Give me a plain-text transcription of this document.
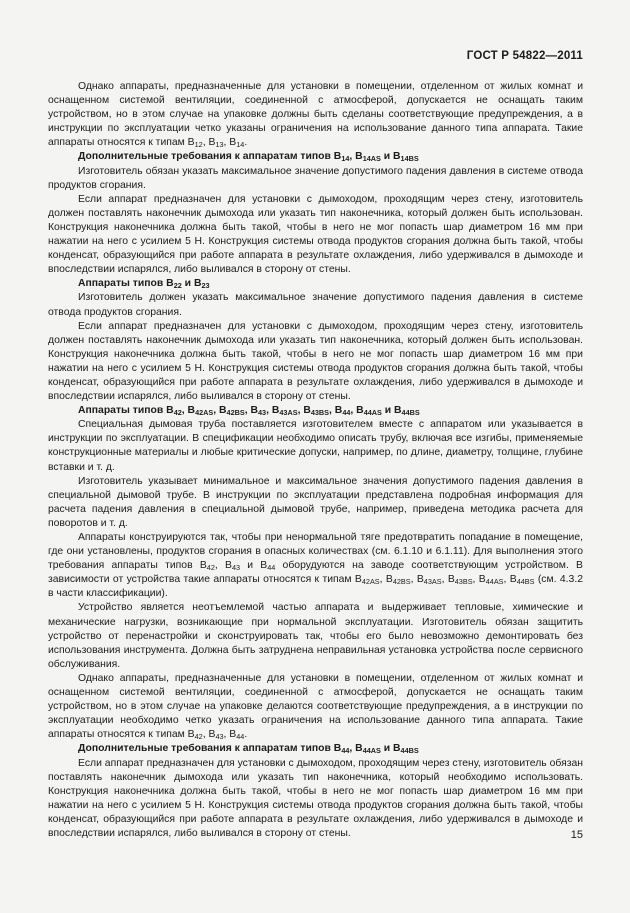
ГОСТ Р 54822—2011

Однако аппараты, предназначенные для установки в помещении, отделенном от жилых комнат и оснащенном системой вентиляции, соединенной с атмосферой, допускается не оснащать таким устройством, но в этом случае на упаковке должны быть сделаны соответствующие предупреждения, а в инструкции по эксплуатации четко указаны ограничения на использование данного типа аппарата. Такие аппараты относятся к типам $B_{12}$, $B_{13}$, $B_{14}$.

Дополнительные требования к аппаратам типов $B_{14}$, $B_{14AS}$ и $B_{14BS}$

Изготовитель обязан указать максимальное значение допустимого падения давления в системе отвода продуктов сгорания.

Если аппарат предназначен для установки с дымоходом, проходящим через стену, изготовитель должен поставлять наконечник дымохода или указать тип наконечника, который должен быть использован. Конструкция наконечника должна быть такой, чтобы в него не мог попасть шар диаметром 16 мм при нажатии на него с усилием 5 Н. Конструкция системы отвода продуктов сгорания должна быть такой, чтобы конденсат, образующийся при работе аппарата в результате охлаждения, либо удерживался в дымоходе и впоследствии испарялся, либо выливался в сторону от стены.

Аппараты типов $B_{22}$ и $B_{23}$

Изготовитель должен указать максимальное значение допустимого падения давления в системе отвода продуктов сгорания.

Если аппарат предназначен для установки с дымоходом, проходящим через стену, изготовитель должен поставлять наконечник дымохода или указать тип наконечника, который должен быть использован. Конструкция наконечника должна быть такой, чтобы в него не мог попасть шар диаметром 16 мм при нажатии на него с усилием 5 Н. Конструкция системы отвода продуктов сгорания должна быть такой, чтобы конденсат, образующийся при работе аппарата в результате охлаждения, либо удерживался в дымоходе и впоследствии испарялся, либо выливался в сторону от стены.

Аппараты типов $B_{42}$, $B_{42AS}$, $B_{42BS}$, $B_{43}$, $B_{43AS}$, $B_{43BS}$, $B_{44}$, $B_{44AS}$ и $B_{44BS}$

Специальная дымовая труба поставляется изготовителем вместе с аппаратом или указывается в инструкции по эксплуатации. В спецификации необходимо описать трубу, включая все изгибы, применяемые конструкционные материалы и любые критические допуски, например, по длине, диаметру, толщине, глубине вставки и т. д.

Изготовитель указывает минимальное и максимальное значения допустимого падения давления в специальной дымовой трубе. В инструкции по эксплуатации представлена подробная информация для расчета падения давления в специальной дымовой трубе, например, приведена методика расчета для поворотов и т. д.

Аппараты конструируются так, чтобы при ненормальной тяге предотвратить попадание в помещение, где они установлены, продуктов сгорания в опасных количествах (см. 6.1.10 и 6.1.11). Для выполнения этого требования аппараты типов $B_{42}$, $B_{43}$ и $B_{44}$ оборудуются на заводе соответствующим устройством. В зависимости от устройства такие аппараты относятся к типам $B_{42AS}$, $B_{42BS}$, $B_{43AS}$, $B_{43BS}$, $B_{44AS}$, $B_{44BS}$ (см. 4.3.2 в части классификации).

Устройство является неотъемлемой частью аппарата и выдерживает тепловые, химические и механические нагрузки, возникающие при нормальной эксплуатации. Изготовитель обязан защитить устройство от перенастройки и сконструировать так, чтобы его было невозможно демонтировать без использования инструмента. Должна быть затруднена неправильная установка устройства после сервисного обслуживания.

Однако аппараты, предназначенные для установки в помещении, отделенном от жилых комнат и оснащенном системой вентиляции, соединенной с атмосферой, допускается не оснащать таким устройством, но в этом случае на упаковке делаются соответствующие предупреждения, а в инструкции по эксплуатации необходимо четко указать ограничения на использование данного типа аппарата. Такие аппараты относятся к типам $B_{42}$, $B_{43}$, $B_{44}$.

Дополнительные требования к аппаратам типов $B_{44}$, $B_{44AS}$ и $B_{44BS}$

Если аппарат предназначен для установки с дымоходом, проходящим через стену, изготовитель обязан поставлять наконечник дымохода или указать тип наконечника, который необходимо использовать. Конструкция наконечника должна быть такой, чтобы в него не мог попасть шар диаметром 16 мм при нажатии на него с усилием 5 Н. Конструкция системы отвода продуктов сгорания должна быть такой, чтобы конденсат, образующийся при работе аппарата в результате охлаждения, либо удерживался в дымоходе и впоследствии испарялся, либо выливался в сторону от стены.	15
